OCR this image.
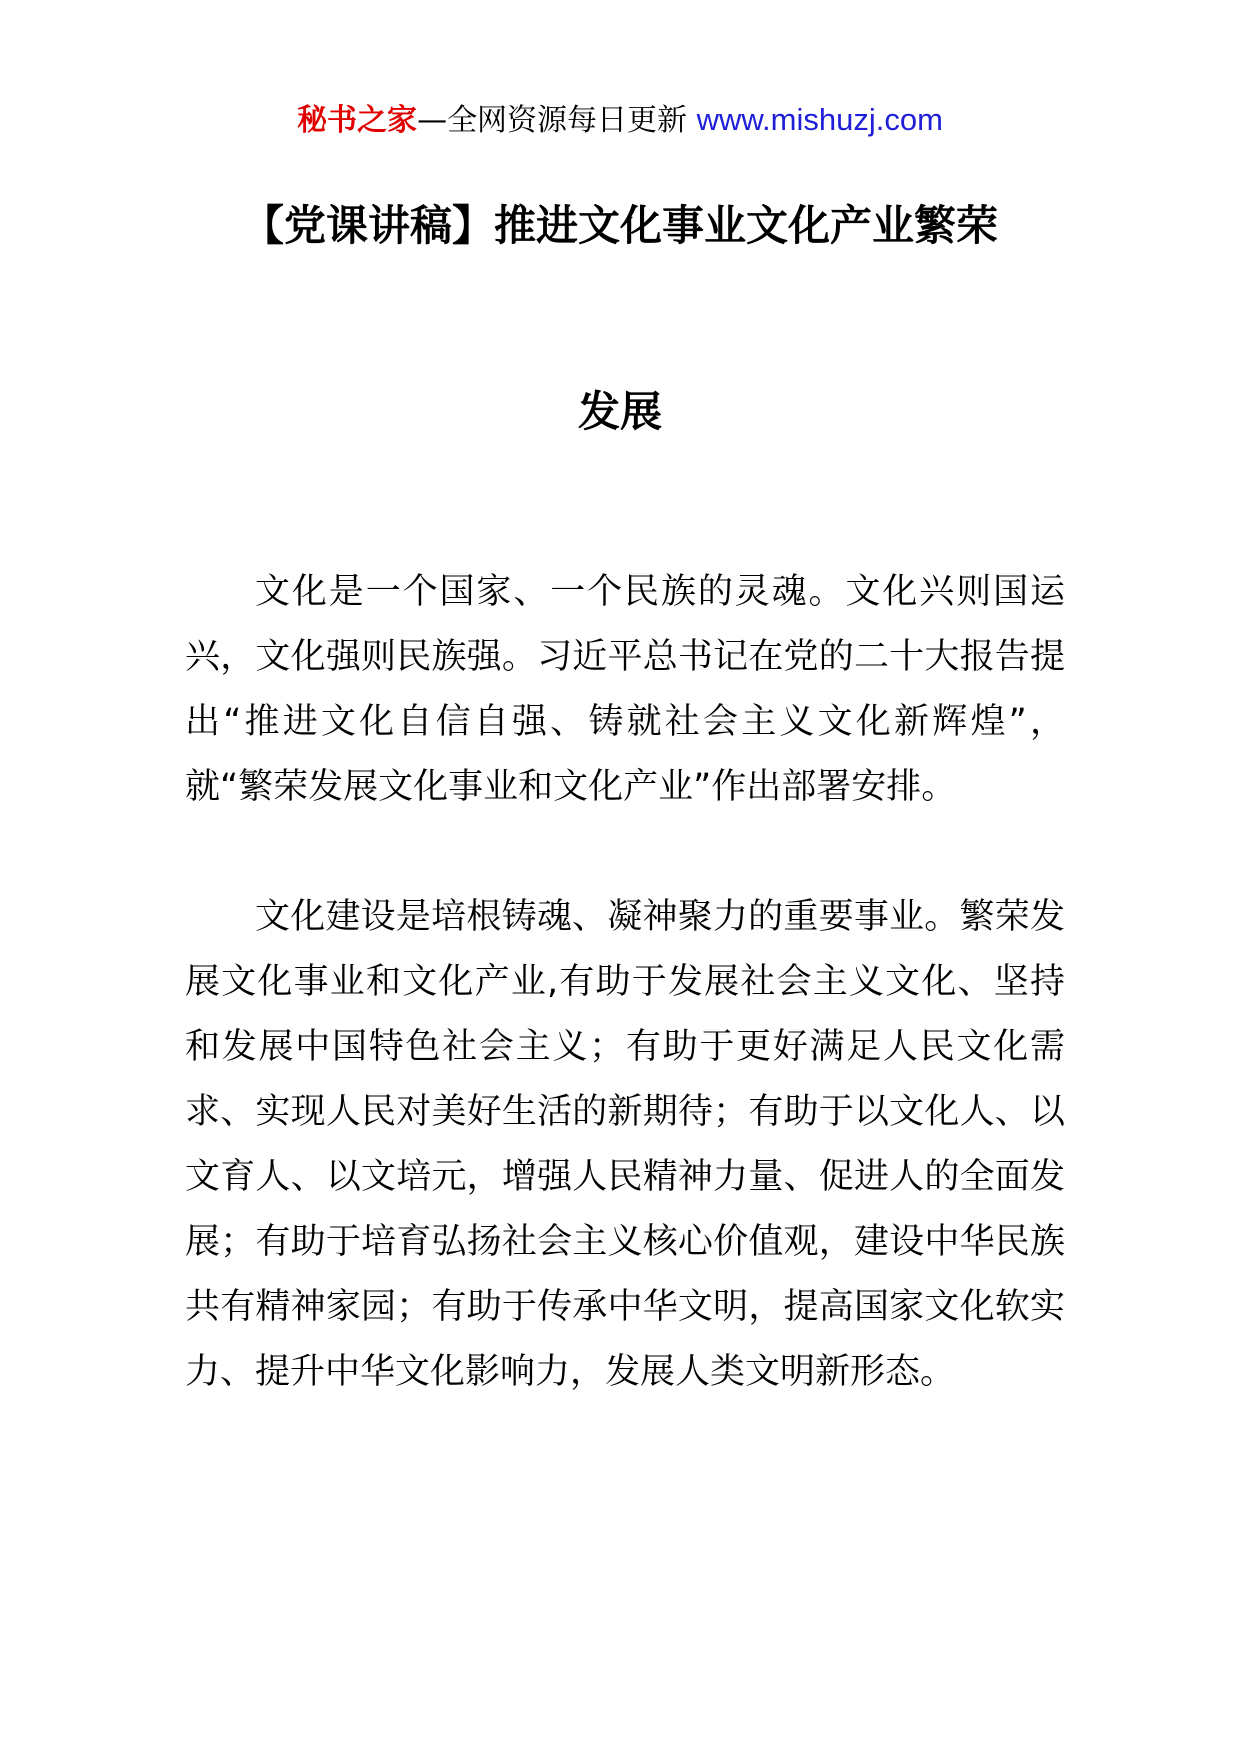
秘书之家—全网资源每日更新 www.mishuzj.com
【党课讲稿】推进文化事业文化产业繁荣
发展

文化是一个国家、一个民族的灵魂。文化兴则国运兴，文化强则民族强。习近平总书记在党的二十大报告提出“推进文化自信自强、铸就社会主义文化新辉煌”，就“繁荣发展文化事业和文化产业”作出部署安排。

文化建设是培根铸魂、凝神聚力的重要事业。繁荣发展文化事业和文化产业,有助于发展社会主义文化、坚持和发展中国特色社会主义；有助于更好满足人民文化需求、实现人民对美好生活的新期待；有助于以文化人、以文育人、以文培元，增强人民精神力量、促进人的全面发展；有助于培育弘扬社会主义核心价值观，建设中华民族共有精神家园；有助于传承中华文明，提高国家文化软实力、提升中华文化影响力，发展人类文明新形态。
